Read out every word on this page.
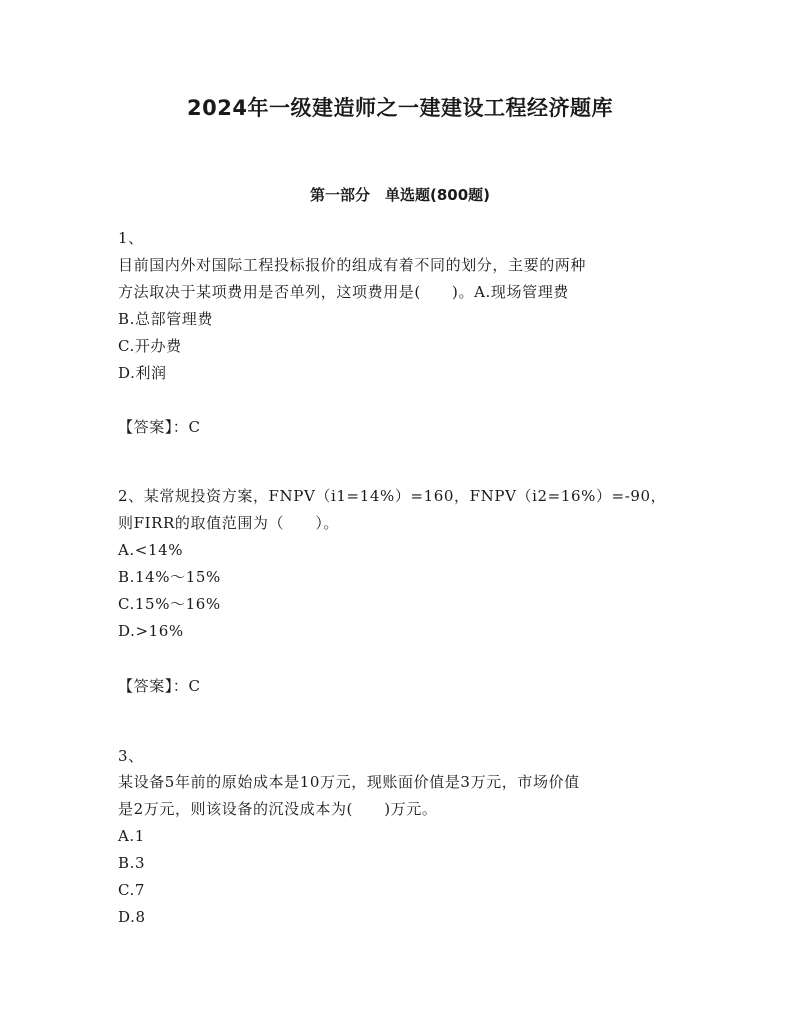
2024年一级建造师之一建建设工程经济题库
第一部分　单选题(800题)
1、
目前国内外对国际工程投标报价的组成有着不同的划分，主要的两种
方法取决于某项费用是否单列，这项费用是(　　)。A.现场管理费
B.总部管理费
C.开办费
D.利润
【答案】：C
2、某常规投资方案，FNPV（i1=14%）=160，FNPV（i2=16%）=-90，
则FIRR的取值范围为（　　）。
A.<14%
B.14%～15%
C.15%～16%
D.>16%
【答案】：C
3、
某设备5年前的原始成本是10万元，现账面价值是3万元，市场价值
是2万元，则该设备的沉没成本为(　　)万元。
A.1
B.3
C.7
D.8
